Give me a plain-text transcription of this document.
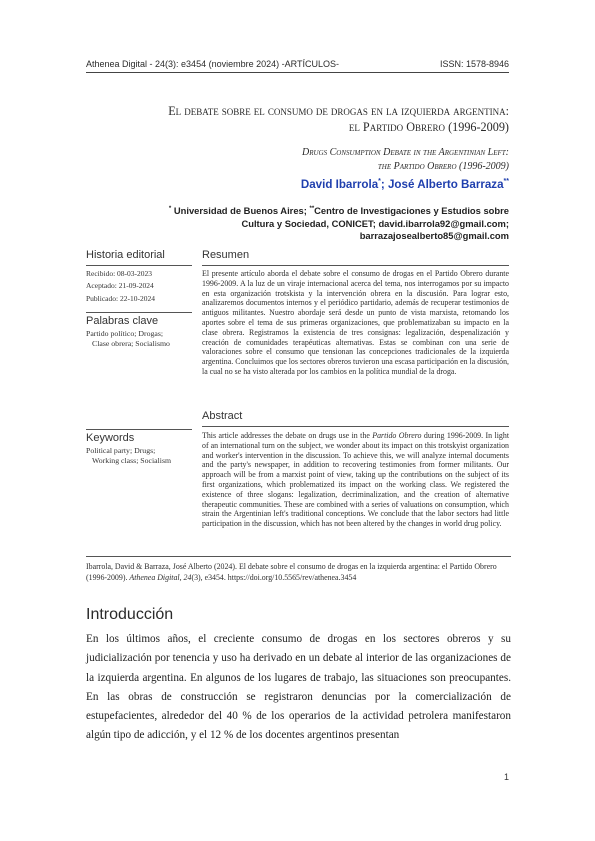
Athenea Digital - 24(3): e3454 (noviembre 2024) -ARTÍCULOS-	ISSN: 1578-8946
El debate sobre el consumo de drogas en la izquierda argentina:
el Partido Obrero (1996-2009)
Drugs Consumption Debate in the Argentinian Left:
the Partido Obrero (1996-2009)
David Ibarrola*; José Alberto Barraza**
* Universidad de Buenos Aires; **Centro de Investigaciones y Estudios sobre
Cultura y Sociedad, CONICET; david.ibarrola92@gmail.com;
barrazajosealberto85@gmail.com
Historia editorial
Recibido: 08-03-2023
Aceptado: 21-09-2024
Publicado: 22-10-2024
Palabras clave
Partido político; Drogas;
Clase obrera; Socialismo
Keywords
Political party; Drugs;
Working class; Socialism
Resumen
El presente artículo aborda el debate sobre el consumo de drogas en el Partido Obrero durante 1996-2009. A la luz de un viraje internacional acerca del tema, nos interrogamos por su impacto en esta organización trotskista y la intervención obrera en la discusión. Para lograr esto, analizaremos documentos internos y el periódico partidario, además de recuperar testimonios de antiguos militantes. Nuestro abordaje será desde un punto de vista marxista, retomando los aportes sobre el tema de sus primeras organizaciones, que problematizaban su impacto en la clase obrera. Registramos la existencia de tres consignas: legalización, despenalización y creación de comunidades terapéuticas alternativas. Estas se combinan con una serie de valoraciones sobre el consumo que tensionan las concepciones tradicionales de la izquierda argentina. Concluimos que los sectores obreros tuvieron una escasa participación en la discusión, la cual no se ha visto alterada por los cambios en la política mundial de la droga.
Abstract
This article addresses the debate on drugs use in the Partido Obrero during 1996-2009. In light of an international turn on the subject, we wonder about its impact on this trotskyist organization and worker's intervention in the discussion. To achieve this, we will analyze internal documents and the party's newspaper, in addition to recovering testimonies from former militants. Our approach will be from a marxist point of view, taking up the contributions on the subject of its first organizations, which problematized its impact on the working class. We registered the existence of three slogans: legalization, decriminalization, and the creation of alternative therapeutic communities. These are combined with a series of valuations on consumption, which strain the Argentinian left's traditional conceptions. We conclude that the labor sectors had little participation in the discussion, which has not been altered by the changes in world drug policy.
Ibarrola, David & Barraza, José Alberto (2024). El debate sobre el consumo de drogas en la izquierda argentina: el Partido Obrero (1996-2009). Athenea Digital, 24(3), e3454. https://doi.org/10.5565/rev/athenea.3454
Introducción
En los últimos años, el creciente consumo de drogas en los sectores obreros y su judicialización por tenencia y uso ha derivado en un debate al interior de las organizaciones de la izquierda argentina. En algunos de los lugares de trabajo, las situaciones son preocupantes. En las obras de construcción se registraron denuncias por la comercialización de estupefacientes, alrededor del 40 % de los operarios de la actividad petrolera manifestaron algún tipo de adicción, y el 12 % de los docentes argentinos presentan
1
